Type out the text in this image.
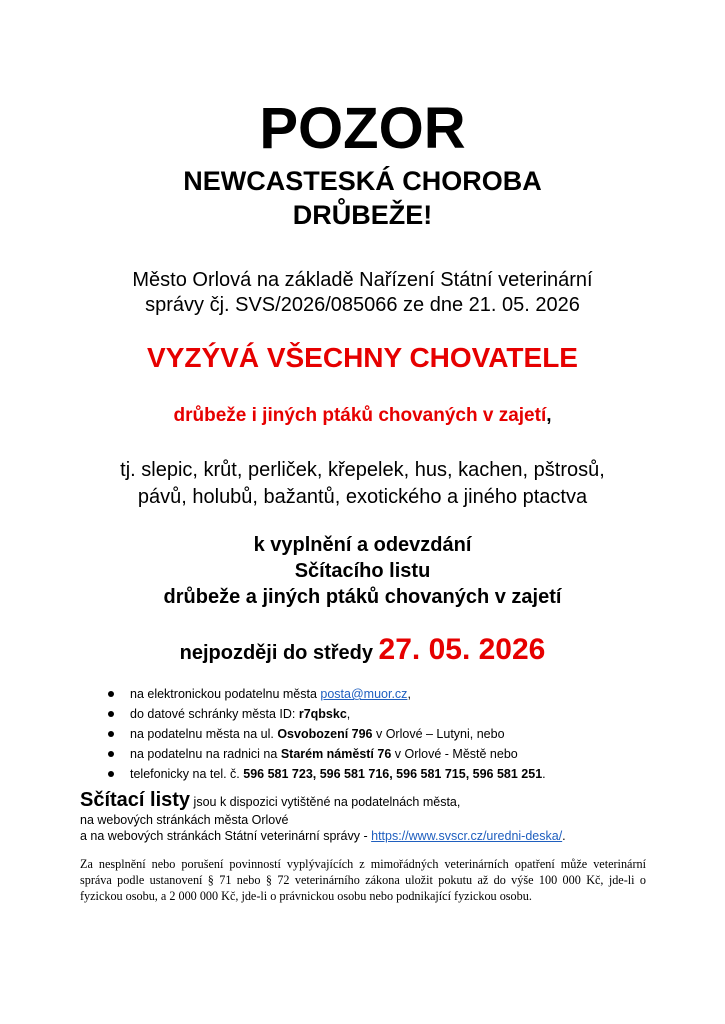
POZOR
NEWCASTESKÁ CHOROBA
DRŮBEŽE!
Město Orlová na základě Nařízení Státní veterinární
správy čj. SVS/2026/085066 ze dne 21. 05. 2026
VYZÝVÁ VŠECHNY CHOVATELE
drůbeže i jiných ptáků chovaných v zajetí,
tj. slepic, krůt, perliček, křepelek, hus, kachen, pštrosů,
pávů, holubů, bažantů, exotického a jiného ptactva
k vyplnění a odevzdání
Sčítacího listu
drůbeže a jiných ptáků chovaných v zajetí
nejpozději do středy 27. 05. 2026
na elektronickou podatelnu města posta@muor.cz,
do datové schránky města ID: r7qbskc,
na podatelnu města na ul. Osvobození 796 v Orlové – Lutyni, nebo
na podatelnu na radnici na Starém náměstí 76 v Orlové - Městě nebo
telefonicky na tel. č. 596 581 723, 596 581 716, 596 581 715, 596 581 251.
Sčítací listy jsou k dispozici vytištěné na podatelnách města,
na webových stránkách města Orlové
a na webových stránkách Státní veterinární správy - https://www.svscr.cz/uredni-deska/.
Za nesplnění nebo porušení povinností vyplývajících z mimořádných veterinárních opatření může veterinární správa podle ustanovení § 71 nebo § 72 veterinárního zákona uložit pokutu až do výše 100 000 Kč, jde-li o fyzickou osobu, a 2 000 000 Kč, jde-li o právnickou osobu nebo podnikající fyzickou osobu.
